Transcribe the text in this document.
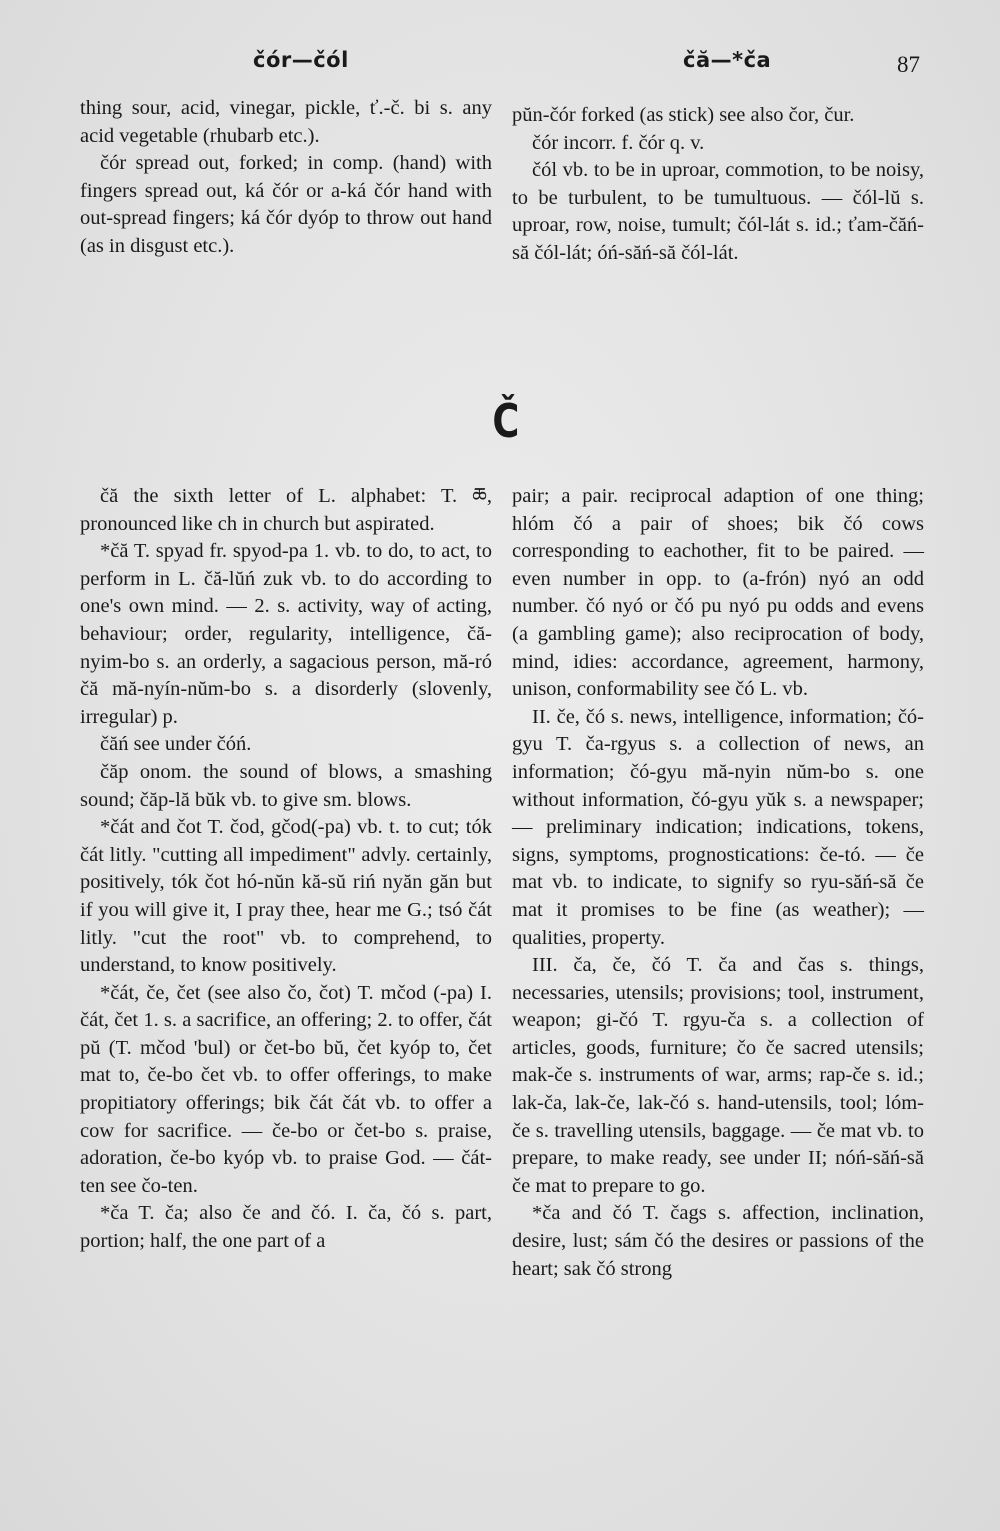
čór—čól	čă—*ča	87

thing sour, acid, vinegar, pickle, ť.-č. bi s. any acid vegetable (rhubarb etc.).

čór spread out, forked; in comp. (hand) with fingers spread out, ká čór or a-ká čór hand with out-spread fingers; ká čór dyóp to throw out hand (as in disgust etc.).

pŭn-čór forked (as stick) see also čor, čur.

čór incorr. f. čór q. v.

čól vb. to be in uproar, commotion, to be noisy, to be turbulent, to be tumultuous. — čól-lŭ s. uproar, row, noise, tumult; čól-lát s. id.; ťam-čăń-să čól-lát; óń-săń-să čól-lát.

Č

čă the sixth letter of L. alphabet: T. ཆ, pronounced like ch in church but aspirated.

*čă T. spyad fr. spyod-pa 1. vb. to do, to act, to perform in L. čă-lŭń zuk vb. to do according to one's own mind. — 2. s. activity, way of acting, behaviour; order, regularity, intelligence, čă-nyim-bo s. an orderly, a sagacious person, mă-ró čă mă-nyín-nŭm-bo s. a disorderly (slovenly, irregular) p.

čăń see under čóń.

čăp onom. the sound of blows, a smashing sound; čăp-lă bŭk vb. to give sm. blows.

*čát and čot T. čod, gčod(-pa) vb. t. to cut; tók čát litly. "cutting all impediment" advly. certainly, positively, tók čot hó-nŭn kă-sŭ riń nyăn găn but if you will give it, I pray thee, hear me G.; tsó čát litly. "cut the root" vb. to comprehend, to understand, to know positively.

*čát, če, čet (see also čo, čot) T. mčod (-pa) I. čát, čet 1. s. a sacrifice, an offering; 2. to offer, čát pŭ (T. mčod 'bul) or čet-bo bŭ, čet kyóp to, čet mat to, če-bo čet vb. to offer offerings, to make propitiatory offerings; bik čát čát vb. to offer a cow for sacrifice. — če-bo or čet-bo s. praise, adoration, če-bo kyóp vb. to praise God. — čát-ten see čo-ten.

*ča T. ča; also če and čó. I. ča, čó s. part, portion; half, the one part of a

pair; a pair. reciprocal adaption of one thing; hlóm čó a pair of shoes; bik čó cows corresponding to eachother, fit to be paired. — even number in opp. to (a-frón) nyó an odd number. čó nyó or čó pu nyó pu odds and evens (a gambling game); also reciprocation of body, mind, idies: accordance, agreement, harmony, unison, conformability see čó L. vb.

II. če, čó s. news, intelligence, information; čó-gyu T. ča-rgyus s. a collection of news, an information; čó-gyu mă-nyin nŭm-bo s. one without information, čó-gyu yŭk s. a newspaper; — preliminary indication; indications, tokens, signs, symptoms, prognostications: če-tó. — če mat vb. to indicate, to signify so ryu-săń-să če mat it promises to be fine (as weather); — qualities, property.

III. ča, če, čó T. ča and čas s. things, necessaries, utensils; provisions; tool, instrument, weapon; gi-čó T. rgyu-ča s. a collection of articles, goods, furniture; čo če sacred utensils; mak-če s. instruments of war, arms; rap-če s. id.; lak-ča, lak-če, lak-čó s. hand-utensils, tool; lóm-če s. travelling utensils, baggage. — če mat vb. to prepare, to make ready, see under II; nóń-săń-să če mat to prepare to go.

*ča and čó T. čags s. affection, inclination, desire, lust; sám čó the desires or passions of the heart; sak čó strong
